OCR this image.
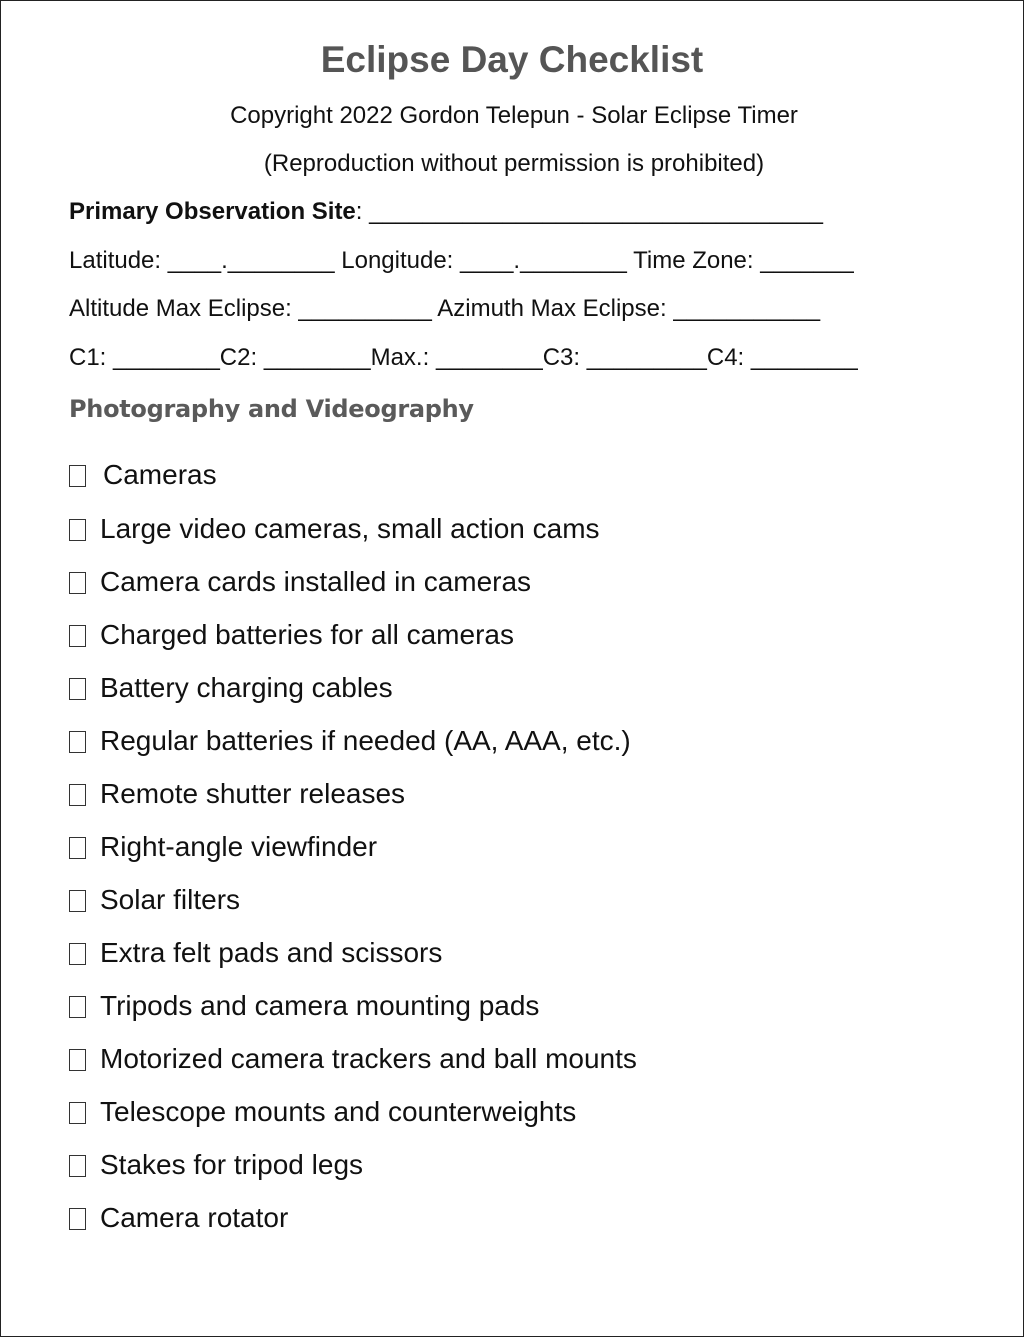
Eclipse Day Checklist
Copyright 2022 Gordon Telepun - Solar Eclipse Timer
(Reproduction without permission is prohibited)
Primary Observation Site: __________________________________
Latitude: ____.________ Longitude: ____.________ Time Zone: _______
Altitude Max Eclipse: __________ Azimuth Max Eclipse: ___________
C1: ________C2: ________Max.: ________C3: _________C4: ________
Photography and Videography
Cameras
Large video cameras, small action cams
Camera cards installed in cameras
Charged batteries for all cameras
Battery charging cables
Regular batteries if needed (AA, AAA, etc.)
Remote shutter releases
Right-angle viewfinder
Solar filters
Extra felt pads and scissors
Tripods and camera mounting pads
Motorized camera trackers and ball mounts
Telescope mounts and counterweights
Stakes for tripod legs
Camera rotator
